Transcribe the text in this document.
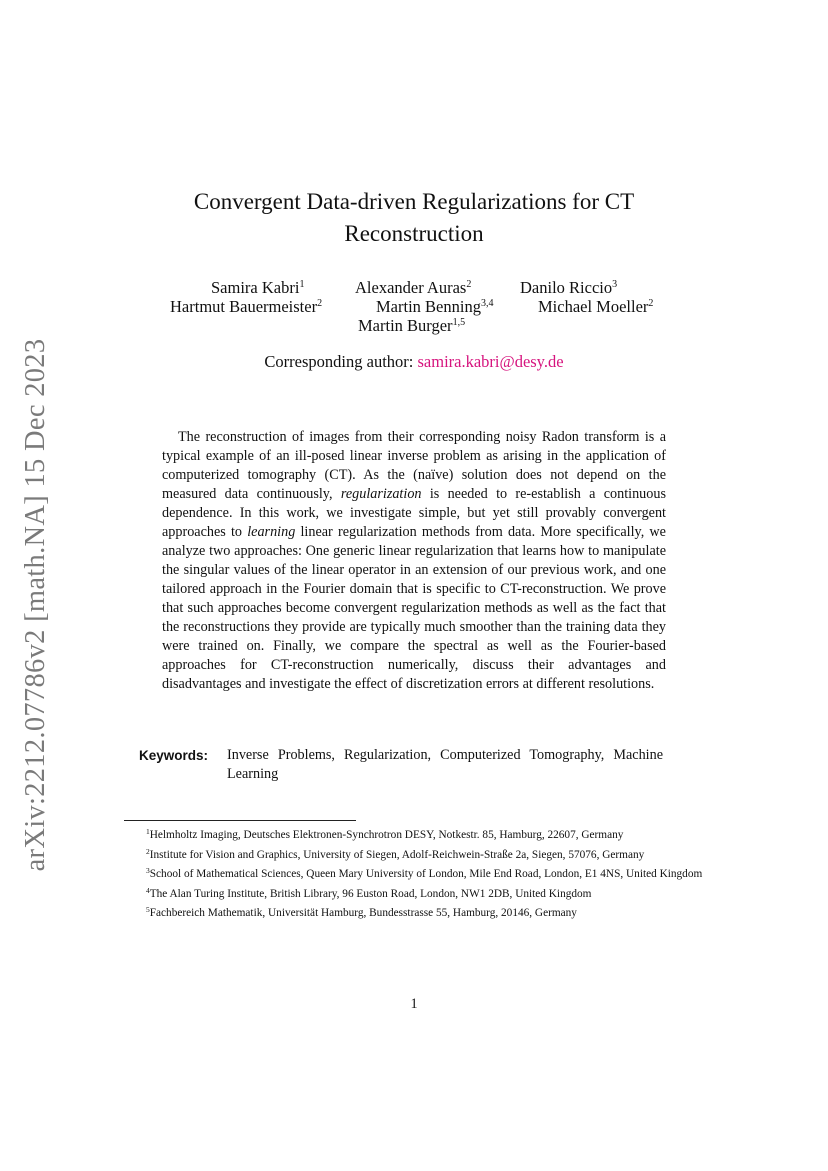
arXiv:2212.07786v2 [math.NA] 15 Dec 2023
Convergent Data-driven Regularizations for CT Reconstruction
Samira Kabri$^1$	Alexander Auras$^2$	Danilo Riccio$^3$
Hartmut Bauermeister$^2$	Martin Benning$^{3,4}$	Michael Moeller$^2$
Martin Burger$^{1,5}$
Corresponding author: samira.kabri@desy.de

The reconstruction of images from their corresponding noisy Radon transform is a typical example of an ill-posed linear inverse problem as arising in the application of computerized tomography (CT). As the (naïve) solution does not depend on the measured data continuously, regularization is needed to re-establish a continuous dependence. In this work, we investigate simple, but yet still provably convergent approaches to learning linear regularization methods from data. More specifically, we analyze two approaches: One generic linear regularization that learns how to manipulate the singular values of the linear operator in an extension of our previous work, and one tailored approach in the Fourier domain that is specific to CT-reconstruction. We prove that such approaches become convergent regularization methods as well as the fact that the reconstructions they provide are typically much smoother than the training data they were trained on. Finally, we compare the spectral as well as the Fourier-based approaches for CT-reconstruction numerically, discuss their advantages and disadvantages and investigate the effect of discretization errors at different resolutions.

Keywords: Inverse Problems, Regularization, Computerized Tomography, Machine Learning

$^1$Helmholtz Imaging, Deutsches Elektronen-Synchrotron DESY, Notkestr. 85, Hamburg, 22607, Germany

$^2$Institute for Vision and Graphics, University of Siegen, Adolf-Reichwein-Straße 2a, Siegen, 57076, Germany

$^3$School of Mathematical Sciences, Queen Mary University of London, Mile End Road, London, E1 4NS, United Kingdom

$^4$The Alan Turing Institute, British Library, 96 Euston Road, London, NW1 2DB, United Kingdom

$^5$Fachbereich Mathematik, Universität Hamburg, Bundesstrasse 55, Hamburg, 20146, Germany

1
